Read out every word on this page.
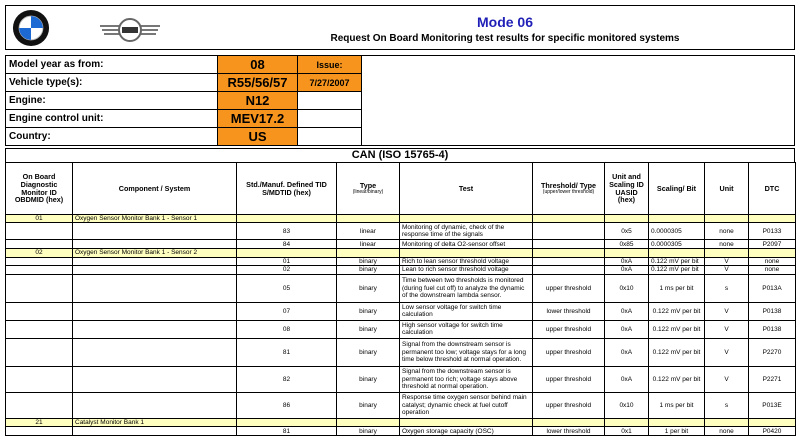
Mode 06
Request On Board Monitoring test results for specific monitored systems
Model year as from:	08	Issue:	
Vehicle type(s):	R55/56/57	7/27/2007	
Engine:	N12		
Engine control unit:	MEV17.2		
Country:	US		
CAN (ISO 15765-4)
On Board Diagnostic Monitor ID OBDMID (hex)	Component / System	Std./Manuf. Defined TID S/MDTID (hex)	Type
(linear/binary)	Test	Threshold/ Type
(upper/lower threshold)	Unit and Scaling ID UASID (hex)	Scaling/ Bit	Unit	DTC
01	Oxygen Sensor Monitor Bank 1 - Sensor 1								
		83	linear	Monitoring of dynamic, check of the response time of the signals		0x5	0.0000305	none	P0133
		84	linear	Monitoring of delta O2-sensor offset		0x85	0.0000305	none	P2097
02	Oxygen Sensor Monitor Bank 1 - Sensor 2								
		01	binary	Rich to lean sensor threshold voltage		0xA	0.122 mV per bit	V	none
		02	binary	Lean to rich sensor threshold voltage		0xA	0.122 mV per bit	V	none
		05	binary	Time between two thresholds is monitored (during fuel cut off) to analyze the dynamic of the downstream lambda sensor.	upper threshold	0x10	1 ms per bit	s	P013A
		07	binary	Low sensor voltage for switch time calculation	lower threshold	0xA	0.122 mV per bit	V	P0138
		08	binary	High sensor voltage for switch time calculation	upper threshold	0xA	0.122 mV per bit	V	P0138
		81	binary	Signal from the downstream sensor is permanent too low; voltage stays for a long time below threshold at normal operation.	upper threshold	0xA	0.122 mV per bit	V	P2270
		82	binary	Signal from the downstream sensor is permanent too rich; voltage stays above threshold at normal operation.	upper threshold	0xA	0.122 mV per bit	V	P2271
		86	binary	Response time oxygen sensor behind main catalyst; dynamic check at fuel cutoff operation	upper threshold	0x10	1 ms per bit	s	P013E
21	Catalyst Monitor Bank 1								
		81	binary	Oxygen storage capacity (OSC)	lower threshold	0x1	1 per bit	none	P0420
